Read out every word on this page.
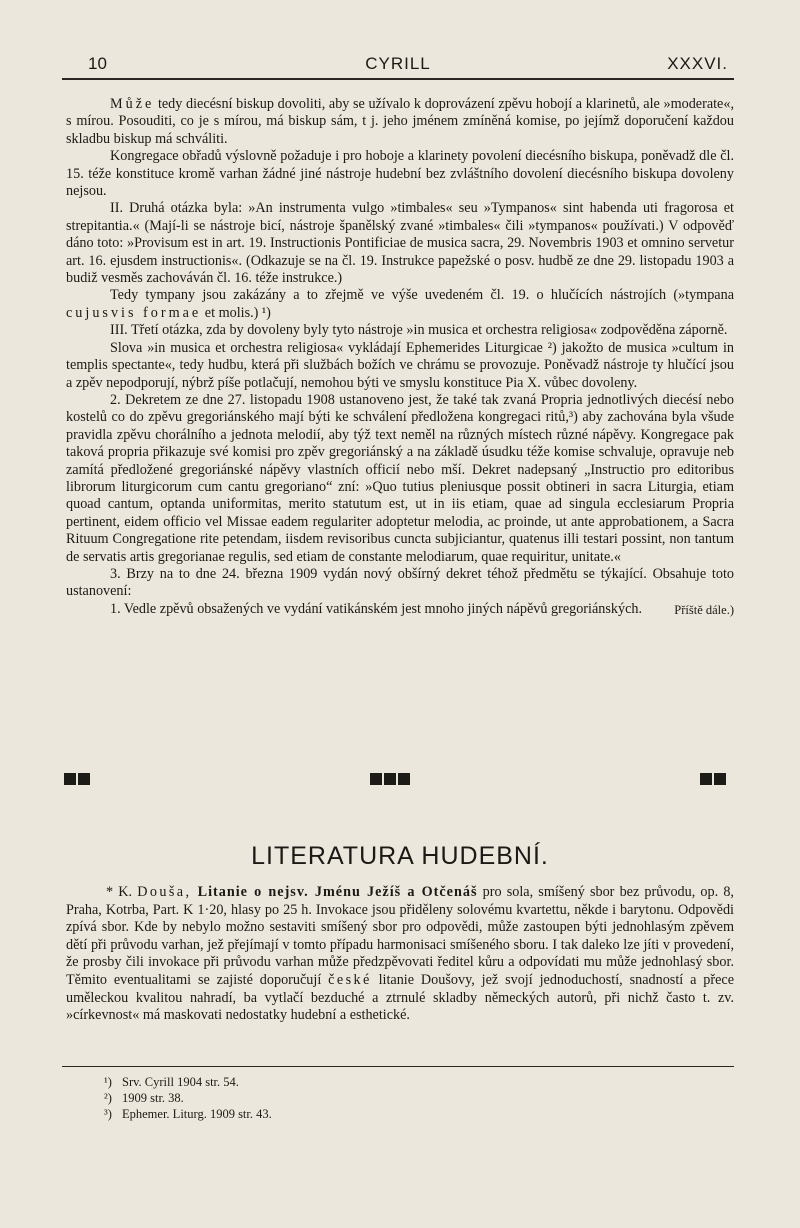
10	CYRILL	XXXVI.

Může tedy diecésní biskup dovoliti, aby se užívalo k doprovázení zpěvu hobojí a klarinetů, ale »moderate«, s mírou. Posouditi, co je s mírou, má biskup sám, t j. jeho jménem zmíněná komise, po jejímž doporučení každou skladbu biskup má schváliti.

Kongregace obřadů výslovně požaduje i pro hoboje a klarinety povolení diecésního biskupa, poněvadž dle čl. 15. téže konstituce kromě varhan žádné jiné nástroje hudební bez zvláštního dovolení diecésního biskupa dovoleny nejsou.

II. Druhá otázka byla: »An instrumenta vulgo »timbales« seu »Tympanos« sint habenda uti fragorosa et strepitantia.« (Mají-li se nástroje bicí, nástroje španělský zvané »timbales« čili »tympanos« používati.) V odpověď dáno toto: »Provisum est in art. 19. Instructionis Pontificiae de musica sacra, 29. Novembris 1903 et omnino servetur art. 16. ejusdem instructionis«. (Odkazuje se na čl. 19. Instrukce papežské o posv. hudbě ze dne 29. listopadu 1903 a budiž vesměs zachováván čl. 16. téže instrukce.)

Tedy tympany jsou zakázány a to zřejmě ve výše uvedeném čl. 19. o hlučících nástrojích (»tympana cujusvis formae et molis.) ¹)

III. Třetí otázka, zda by dovoleny byly tyto nástroje »in musica et orchestra religiosa« zodpověděna záporně.

Slova »in musica et orchestra religiosa« vykládají Ephemerides Liturgicae ²) jakožto de musica »cultum in templis spectante«, tedy hudbu, která při službách božích ve chrámu se provozuje. Poněvadž nástroje ty hlučící jsou a zpěv nepodporují, nýbrž píše potlačují, nemohou býti ve smyslu konstituce Pia X. vůbec dovoleny.

2. Dekretem ze dne 27. listopadu 1908 ustanoveno jest, že také tak zvaná Propria jednotlivých diecésí nebo kostelů co do zpěvu gregoriánského mají býti ke schválení předložena kongregaci ritů,³) aby zachována byla všude pravidla zpěvu chorálního a jednota melodií, aby týž text neměl na různých místech různé nápěvy. Kongregace pak taková propria přikazuje své komisi pro zpěv gregoriánský a na základě úsudku téže komise schvaluje, opravuje neb zamítá předložené gregoriánské nápěvy vlastních officií nebo mší. Dekret nadepsaný „Instructio pro editoribus librorum liturgicorum cum cantu gregoriano“ zní: »Quo tutius pleniusque possit obtineri in sacra Liturgia, etiam quoad cantum, optanda uniformitas, merito statutum est, ut in iis etiam, quae ad singula ecclesiarum Propria pertinent, eidem officio vel Missae eadem regulariter adoptetur melodia, ac proinde, ut ante approbationem, a Sacra Rituum Congregatione rite petendam, iisdem revisoribus cuncta subjiciantur, quatenus illi testari possint, non tantum de servatis artis gregorianae regulis, sed etiam de constante melodiarum, quae requiritur, unitate.«

3. Brzy na to dne 24. března 1909 vydán nový obšírný dekret téhož předmětu se týkající. Obsahuje toto ustanovení:

1. Vedle zpěvů obsažených ve vydání vatikánském jest mnoho jiných nápěvů gregoriánských.	Příště dále.)
LITERATURA HUDEBNÍ.

* K. Douša, Litanie o nejsv. Jménu Ježíš a Otčenáš pro sola, smíšený sbor bez průvodu, op. 8, Praha, Kotrba, Part. K 1·20, hlasy po 25 h. Invokace jsou přiděleny solovému kvartettu, někde i barytonu. Odpovědi zpívá sbor. Kde by nebylo možno sestaviti smíšený sbor pro odpovědi, může zastoupen býti jednohlasým zpěvem dětí při průvodu varhan, jež přejímají v tomto případu harmonisaci smíšeného sboru. I tak daleko lze jíti v provedení, že prosby čili invokace při průvodu varhan může předzpěvovati ředitel kůru a odpovídati mu může jednohlasý sbor. Těmito eventualitami se zajisté doporučují české litanie Doušovy, jež svojí jednoduchostí, snadností a přece uměleckou kvalitou nahradí, ba vytlačí bezduché a ztrnulé skladby německých autorů, při nichž často t. zv. »církevnost« má maskovati nedostatky hudební a esthetické.

¹) Srv. Cyrill 1904 str. 54.
²) 1909 str. 38.
³) Ephemer. Liturg. 1909 str. 43.
